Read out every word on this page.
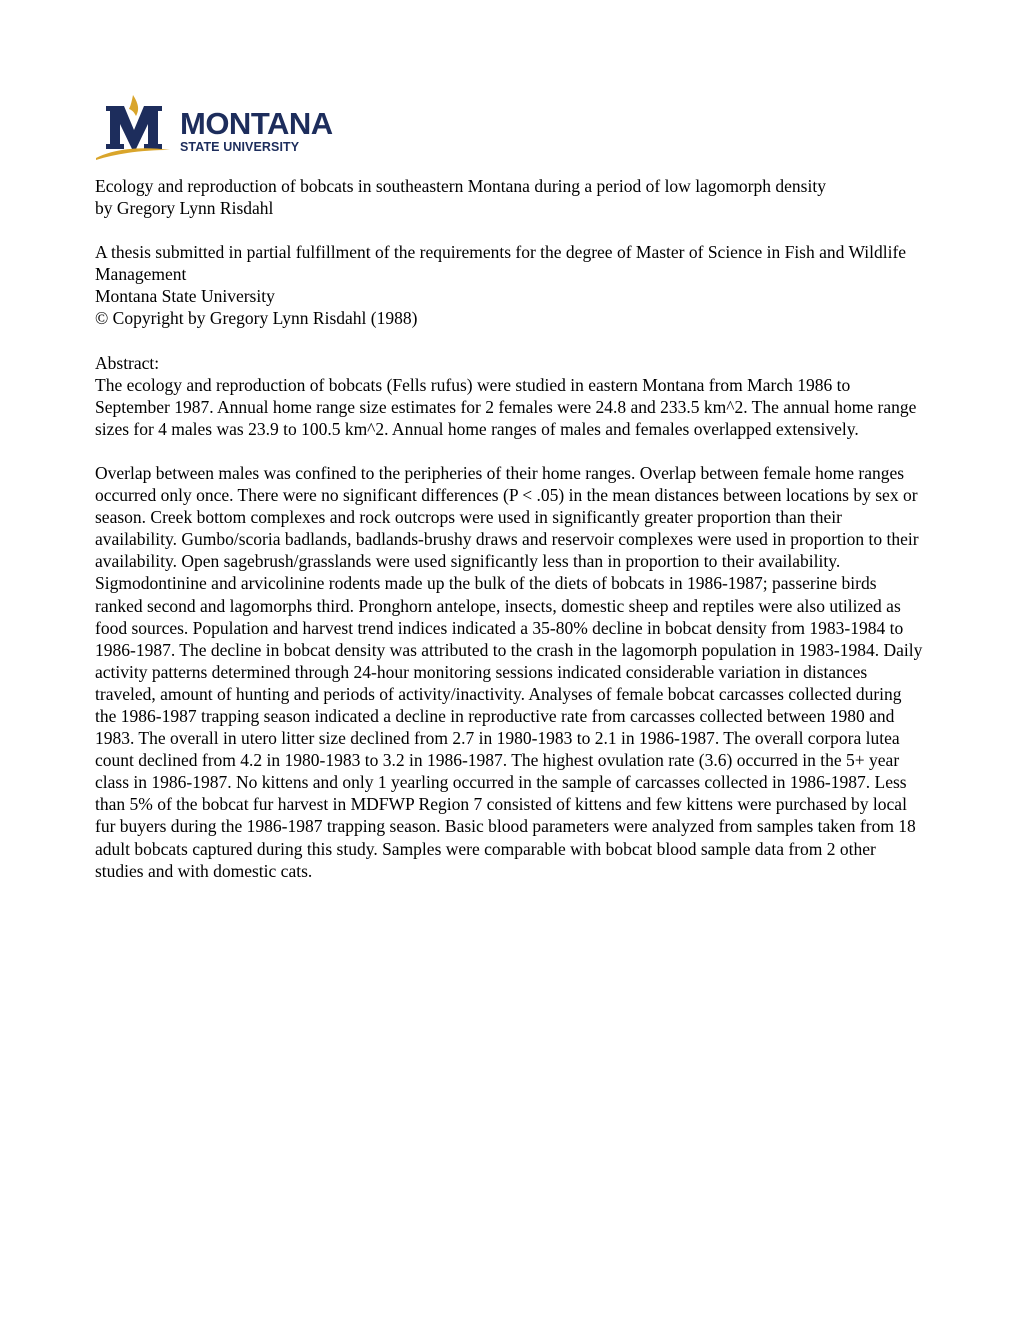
MONTANA
STATE UNIVERSITY

Ecology and reproduction of bobcats in southeastern Montana during a period of low lagomorph density

by Gregory Lynn Risdahl

A thesis submitted in partial fulfillment of the requirements for the degree of Master of Science in Fish and Wildlife Management

Montana State University

© Copyright by Gregory Lynn Risdahl (1988)

Abstract:

The ecology and reproduction of bobcats (Fells rufus) were studied in eastern Montana from March 1986 to September 1987. Annual home range size estimates for 2 females were 24.8 and 233.5 km^2. The annual home range sizes for 4 males was 23.9 to 100.5 km^2. Annual home ranges of males and females overlapped extensively.

Overlap between males was confined to the peripheries of their home ranges. Overlap between female home ranges occurred only once. There were no significant differences (P < .05) in the mean distances between locations by sex or season. Creek bottom complexes and rock outcrops were used in significantly greater proportion than their availability. Gumbo/scoria badlands, badlands-brushy draws and reservoir complexes were used in proportion to their availability. Open sagebrush/grasslands were used significantly less than in proportion to their availability. Sigmodontinine and arvicolinine rodents made up the bulk of the diets of bobcats in 1986-1987; passerine birds ranked second and lagomorphs third. Pronghorn antelope, insects, domestic sheep and reptiles were also utilized as food sources. Population and harvest trend indices indicated a 35-80% decline in bobcat density from 1983-1984 to 1986-1987. The decline in bobcat density was attributed to the crash in the lagomorph population in 1983-1984. Daily activity patterns determined through 24-hour monitoring sessions indicated considerable variation in distances traveled, amount of hunting and periods of activity/inactivity. Analyses of female bobcat carcasses collected during the 1986-1987 trapping season indicated a decline in reproductive rate from carcasses collected between 1980 and 1983. The overall in utero litter size declined from 2.7 in 1980-1983 to 2.1 in 1986-1987. The overall corpora lutea count declined from 4.2 in 1980-1983 to 3.2 in 1986-1987. The highest ovulation rate (3.6) occurred in the 5+ year class in 1986-1987. No kittens and only 1 yearling occurred in the sample of carcasses collected in 1986-1987. Less than 5% of the bobcat fur harvest in MDFWP Region 7 consisted of kittens and few kittens were purchased by local fur buyers during the 1986-1987 trapping season. Basic blood parameters were analyzed from samples taken from 18 adult bobcats captured during this study. Samples were comparable with bobcat blood sample data from 2 other studies and with domestic cats.
